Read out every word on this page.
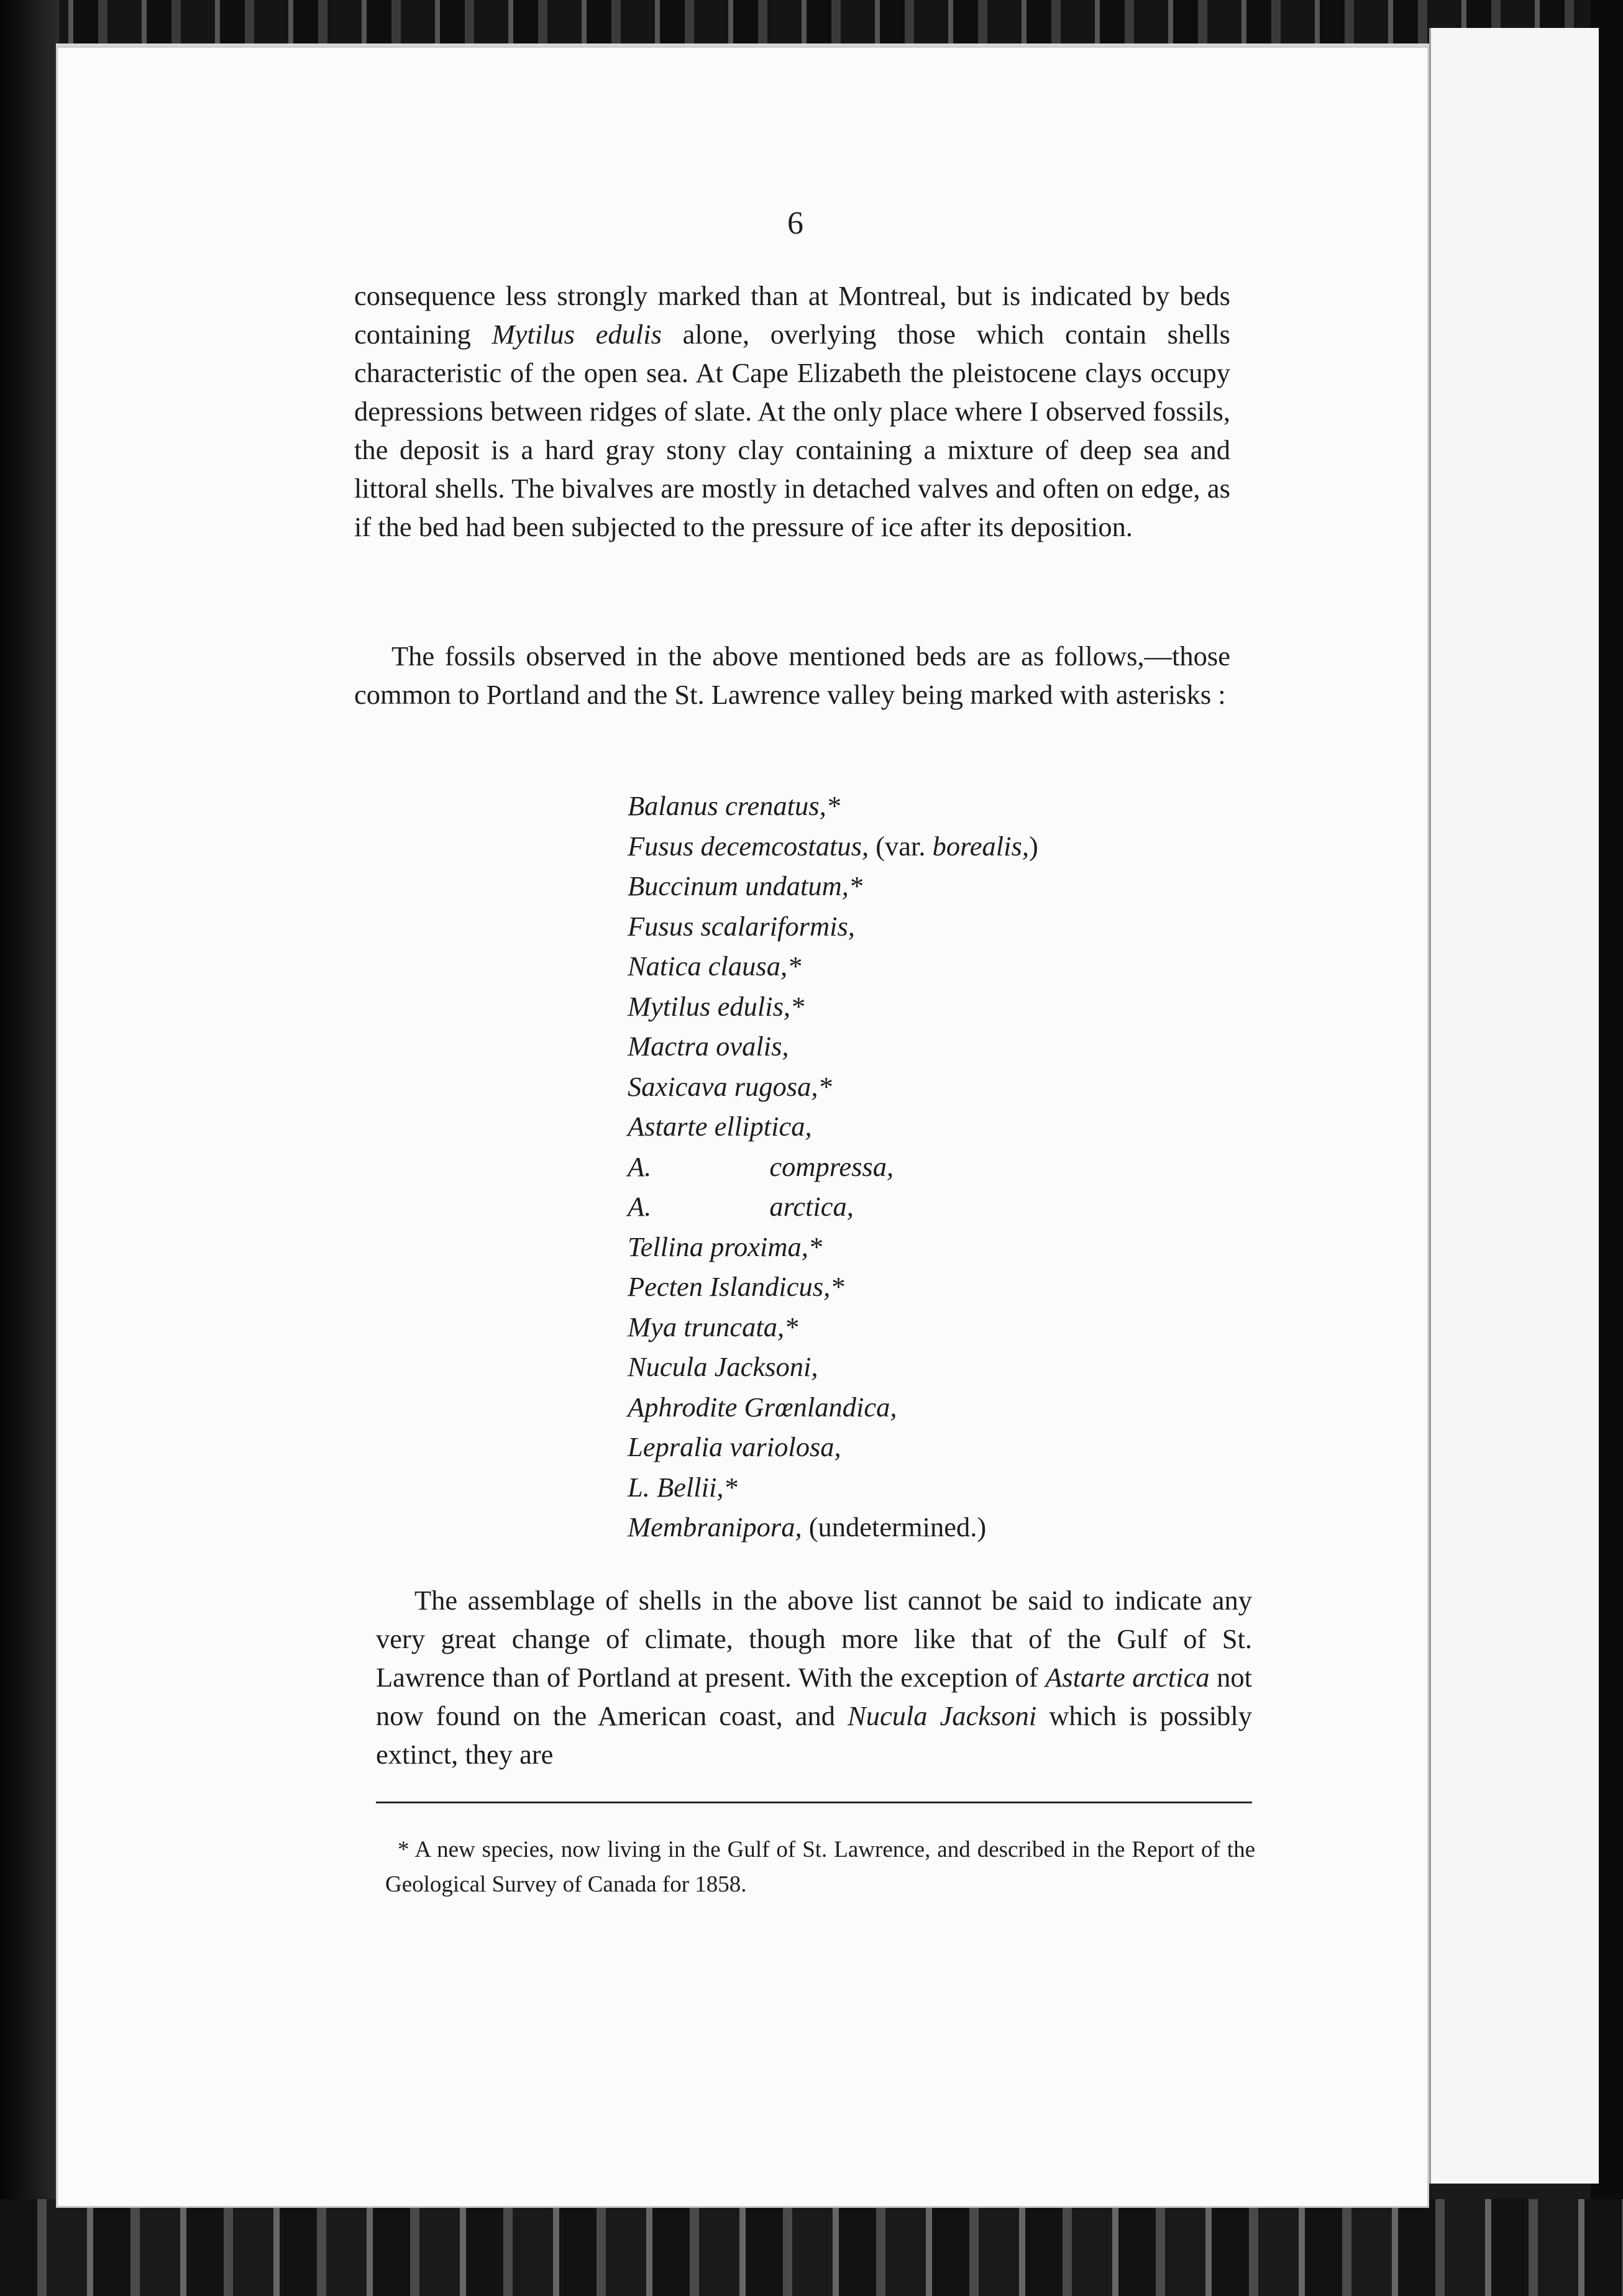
6

consequence less strongly marked than at Montreal, but is indicated by beds containing Mytilus edulis alone, overlying those which contain shells characteristic of the open sea. At Cape Elizabeth the pleistocene clays occupy depressions between ridges of slate. At the only place where I observed fossils, the deposit is a hard gray stony clay containing a mixture of deep sea and littoral shells. The bivalves are mostly in detached valves and often on edge, as if the bed had been subjected to the pressure of ice after its deposition.

The fossils observed in the above mentioned beds are as follows,—those common to Portland and the St. Lawrence valley being marked with asterisks :

Balanus crenatus,*
Fusus decemcostatus, (var. borealis,)
Buccinum undatum,*
Fusus scalariformis,
Natica clausa,*
Mytilus edulis,*
Mactra ovalis,
Saxicava rugosa,*
Astarte elliptica,
A.	compressa,
A.	arctica,
Tellina proxima,*
Pecten Islandicus,*
Mya truncata,*
Nucula Jacksoni,
Aphrodite Grœnlandica,
Lepralia variolosa,
L. Bellii,*
Membranipora, (undetermined.)

The assemblage of shells in the above list cannot be said to indicate any very great change of climate, though more like that of the Gulf of St. Lawrence than of Portland at present. With the exception of Astarte arctica not now found on the American coast, and Nucula Jacksoni which is possibly extinct, they are

* A new species, now living in the Gulf of St. Lawrence, and described in the Report of the Geological Survey of Canada for 1858.
